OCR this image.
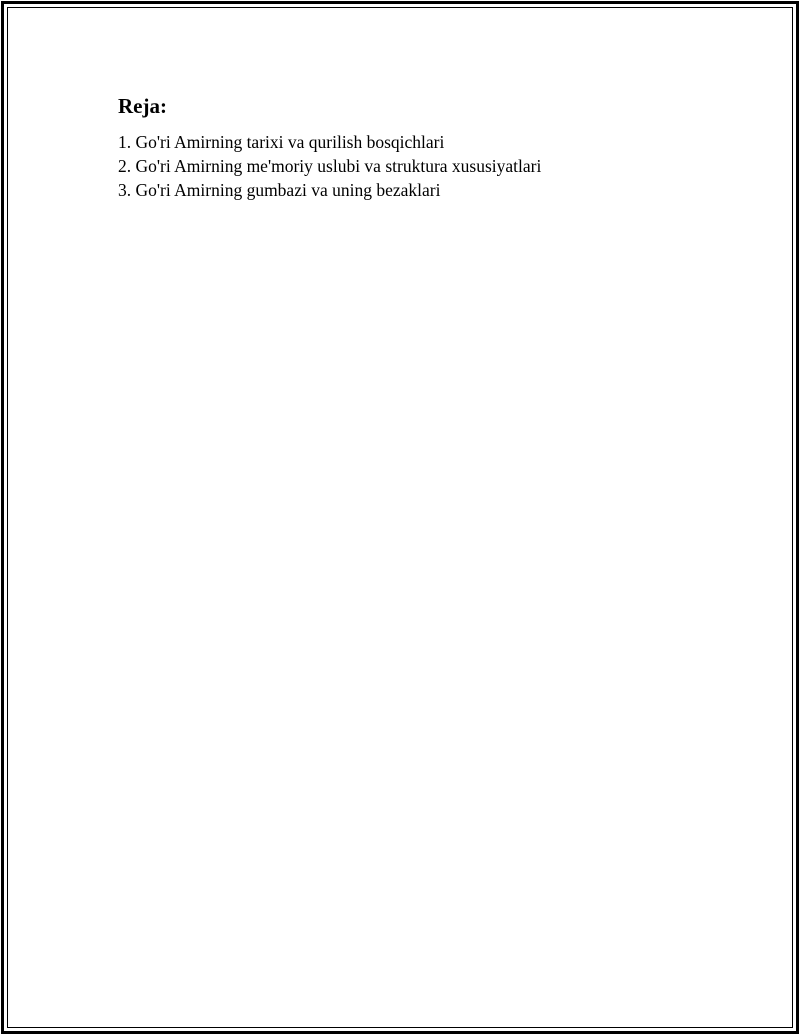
Reja:
1. Go'ri Amirning tarixi va qurilish bosqichlari
2. Go'ri Amirning me'moriy uslubi va struktura xususiyatlari
3. Go'ri Amirning gumbazi va uning bezaklari
